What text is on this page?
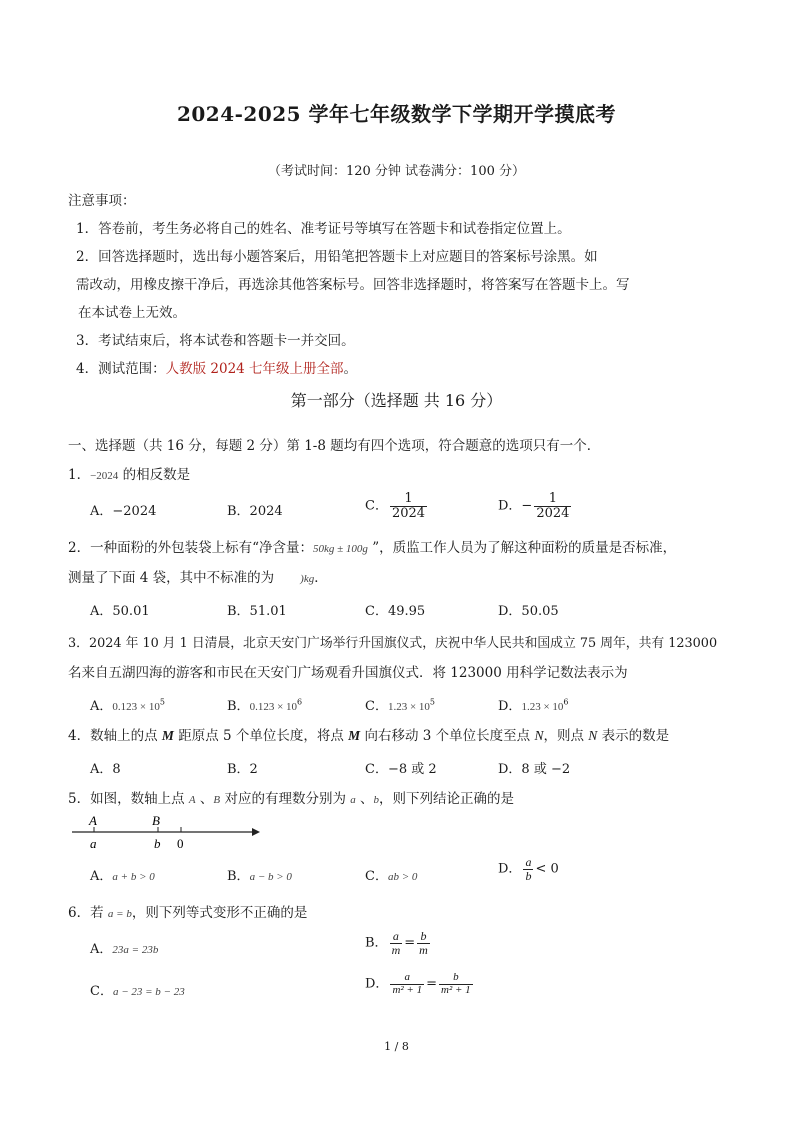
2024-2025 学年七年级数学下学期开学摸底考
（考试时间：120 分钟 试卷满分：100 分）
注意事项：
1．答卷前，考生务必将自己的姓名、准考证号等填写在答题卡和试卷指定位置上。
2．回答选择题时，选出每小题答案后，用铅笔把答题卡上对应题目的答案标号涂黑。如
需改动，用橡皮擦干净后，再选涂其他答案标号。回答非选择题时，将答案写在答题卡上。写
在本试卷上无效。
3．考试结束后，将本试卷和答题卡一并交回。
4．测试范围：人教版 2024 七年级上册全部。
第一部分（选择题 共 16 分）
一、选择题（共 16 分，每题 2 分）第 1-8 题均有四个选项，符合题意的选项只有一个．
1．−2024 的相反数是
A．−2024	B．2024	C． $\frac{1}{2024}$	D．− $\frac{1}{2024}$
2．一种面粉的外包装袋上标有“净含量：50kg ± 100g ”，质监工作人员为了解这种面粉的质量是否标准，
测量了下面 4 袋，其中不标准的为 )kg．
A．50.01	B．51.01	C．49.95	D．50.05
3．2024 年 10 月 1 日清晨，北京天安门广场举行升国旗仪式，庆祝中华人民共和国成立 75 周年，共有 123000
名来自五湖四海的游客和市民在天安门广场观看升国旗仪式．将 123000 用科学记数法表示为
A．$0.123 \times 10^5$	B．$0.123 \times 10^6$	C．$1.23 \times 10^5$	D．$1.23 \times 10^6$
4．数轴上的点 M 距原点 5 个单位长度，将点 M 向右移动 3 个单位长度至点 N，则点 N 表示的数是
A．8	B．2	C．−8 或 2	D．8 或 −2
5．如图，数轴上点 A 、B 对应的有理数分别为 a 、b，则下列结论正确的是
A	B
a	b 0
A．a + b > 0	B．a − b > 0	C．ab > 0
D． $\frac{a}{b} < 0$
6．若 a = b，则下列等式变形不正确的是
A．23a = 23b	B． $\frac{a}{m} = \frac{b}{m}$
C．a − 23 = b − 23
D． $\frac{a}{\text{m² + 1}} = \frac{b}{\text{m² + 1}}$
1 / 8
